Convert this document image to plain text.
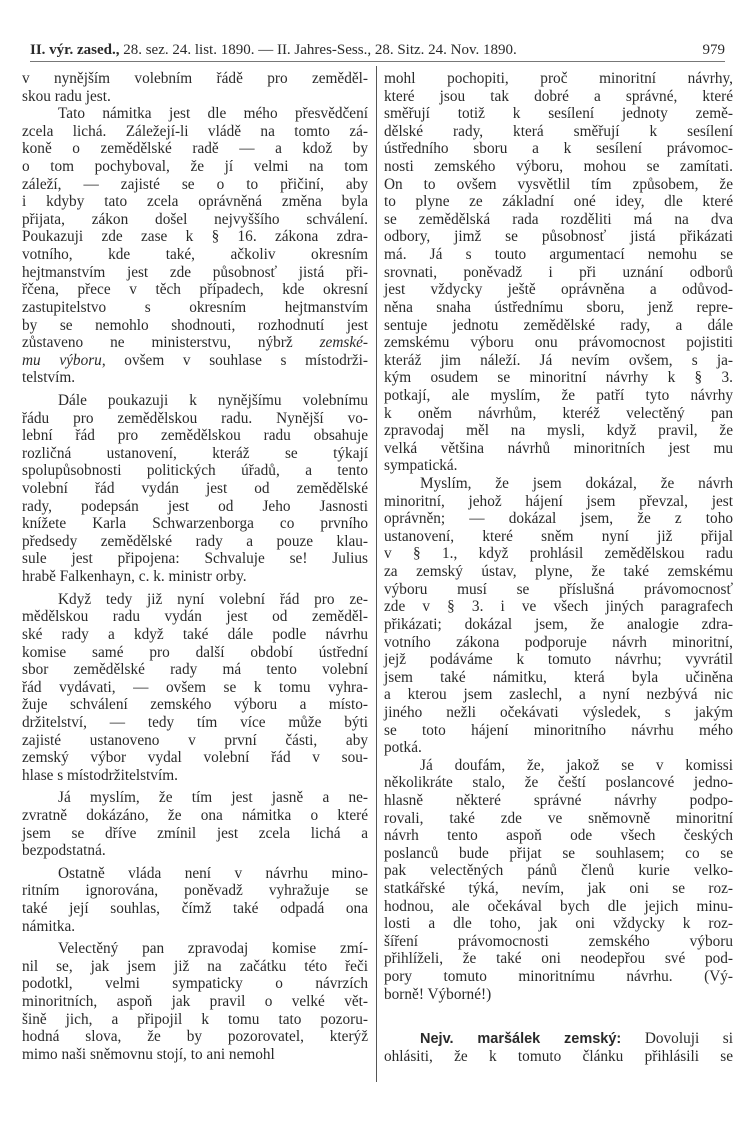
II. výr. zased., 28. sez. 24. list. 1890. — II. Jahres-Sess., 28. Sitz. 24. Nov. 1890.	979
v nynějším volebním řádě pro zeměděl-
skou radu jest.
Tato námitka jest dle mého přesvědčení
zcela lichá. Záležejí-li vládě na tomto zá-
koně o zemědělské radě — a kdož by
o tom pochyboval, že jí velmi na tom
záleží, — zajisté se o to přičiní, aby
i kdyby tato zcela oprávněná změna byla
přijata, zákon došel nejvyššího schválení.
Poukazuji zde zase k § 16. zákona zdra-
votního, kde také, ačkoliv okresním
hejtmanstvím jest zde působnosť jistá při-
řčena, přece v těch případech, kde okresní
zastupitelstvo s okresním hejtmanstvím
by se nemohlo shodnouti, rozhodnutí jest
zůstaveno ne ministerstvu, nýbrž zemské-
mu výboru, ovšem v souhlase s místodrži-
telstvím.
Dále poukazuji k nynějšímu volebnímu
řádu pro zemědělskou radu. Nynější vo-
lební řád pro zemědělskou radu obsahuje
rozličná ustanovení, kteráž se týkají
spolupůsobnosti politických úřadů, a tento
volební řád vydán jest od zemědělské
rady, podepsán jest od Jeho Jasnosti
knížete Karla Schwarzenborga co prvního
předsedy zemědělské rady a pouze klau-
sule jest připojena: Schvaluje se! Julius
hrabě Falkenhayn, c. k. ministr orby.
Když tedy již nyní volební řád pro ze-
mědělskou radu vydán jest od zeměděl-
ské rady a když také dále podle návrhu
komise samé pro další období ústřední
sbor zemědělské rady má tento volební
řád vydávati, — ovšem se k tomu vyhra-
žuje schválení zemského výboru a místo-
držitelství, — tedy tím více může býti
zajisté ustanoveno v první části, aby
zemský výbor vydal volební řád v sou-
hlase s místodržitelstvím.
Já myslím, že tím jest jasně a ne-
zvratně dokázáno, že ona námitka o které
jsem se dříve zmínil jest zcela lichá a
bezpodstatná.
Ostatně vláda není v návrhu mino-
ritním ignorována, poněvadž vyhražuje se
také její souhlas, čímž také odpadá ona
námitka.
Velectěný pan zpravodaj komise zmí-
nil se, jak jsem již na začátku této řeči
podotkl, velmi sympaticky o návrzích
minoritních, aspoň jak pravil o velké vět-
šině jich, a připojil k tomu tato pozoru-
hodná slova, že by pozorovatel, kterýž
mimo naši sněmovnu stojí, to ani nemohl
mohl pochopiti, proč minoritní návrhy,
které jsou tak dobré a správné, které
směřují totiž k sesílení jednoty země-
dělské rady, která směřují k sesílení
ústředního sboru a k sesílení právomoc-
nosti zemského výboru, mohou se zamítati.
On to ovšem vysvětlil tím způsobem, že
to plyne ze základní oné idey, dle které
se zemědělská rada rozděliti má na dva
odbory, jimž se působnosť jistá přikázati
má. Já s touto argumentací nemohu se
srovnati, poněvadž i při uznání odborů
jest vždycky ještě oprávněna a odůvod-
něna snaha ústřednímu sboru, jenž repre-
sentuje jednotu zemědělské rady, a dále
zemskému výboru onu právomocnost pojistiti
kteráž jim náleží. Já nevím ovšem, s ja-
kým osudem se minoritní návrhy k § 3.
potkají, ale myslím, že patří tyto návrhy
k oněm návrhům, kteréž velectěný pan
zpravodaj měl na mysli, když pravil, že
velká většina návrhů minoritních jest mu
sympatická.
Myslím, že jsem dokázal, že návrh
minoritní, jehož hájení jsem převzal, jest
oprávněn; — dokázal jsem, že z toho
ustanovení, které sněm nyní již přijal
v § 1., když prohlásil zemědělskou radu
za zemský ústav, plyne, že také zemskému
výboru musí se příslušná právomocnosť
zde v § 3. i ve všech jiných paragrafech
přikázati; dokázal jsem, že analogie zdra-
votního zákona podporuje návrh minoritní,
jejž podáváme k tomuto návrhu; vyvrátil
jsem také námitku, která byla učiněna
a kterou jsem zaslechl, a nyní nezbývá nic
jiného nežli očekávati výsledek, s jakým
se toto hájení minoritního návrhu mého
potká.
Já doufám, že, jakož se v komissi
několikráte stalo, že čeští poslancové jedno-
hlasně některé správné návrhy podpo-
rovali, také zde ve sněmovně minoritní
návrh tento aspoň ode všech českých
poslanců bude přijat se souhlasem; co se
pak velectěných pánů členů kurie velko-
statkářské týká, nevím, jak oni se roz-
hodnou, ale očekával bych dle jejich minu-
losti a dle toho, jak oni vždycky k roz-
šíření právomocnosti zemského výboru
přihlíželi, že také oni neodepřou své pod-
pory tomuto minoritnímu návrhu. (Vý-
borně! Výborné!)
Nejv. maršálek zemský: Dovoluji si
ohlásiti, že k tomuto článku přihlásili se
